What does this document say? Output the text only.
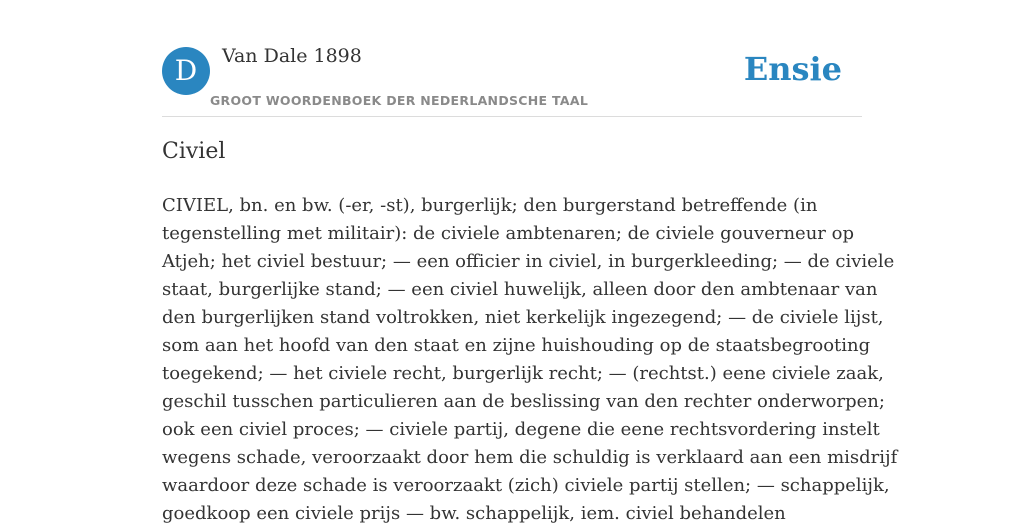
D	Van Dale 1898
GROOT WOORDENBOEK DER NEDERLANDSCHE TAAL
Ensie
Civiel
CIVIEL, bn. en bw. (-er, -st), burgerlijk; den burgerstand betreffende (in
tegenstelling met militair): de civiele ambtenaren; de civiele gouverneur op
Atjeh; het civiel bestuur; — een officier in civiel, in burgerkleeding; — de civiele
staat, burgerlijke stand; — een civiel huwelijk, alleen door den ambtenaar van
den burgerlijken stand voltrokken, niet kerkelijk ingezegend; — de civiele lijst,
som aan het hoofd van den staat en zijne huishouding op de staatsbegrooting
toegekend; — het civiele recht, burgerlijk recht; — (rechtst.) eene civiele zaak,
geschil tusschen particulieren aan de beslissing van den rechter onderworpen;
ook een civiel proces; — civiele partij, degene die eene rechtsvordering instelt
wegens schade, veroorzaakt door hem die schuldig is verklaard aan een misdrijf
waardoor deze schade is veroorzaakt (zich) civiele partij stellen; — schappelijk,
goedkoop een civiele prijs — bw. schappelijk, iem. civiel behandelen
